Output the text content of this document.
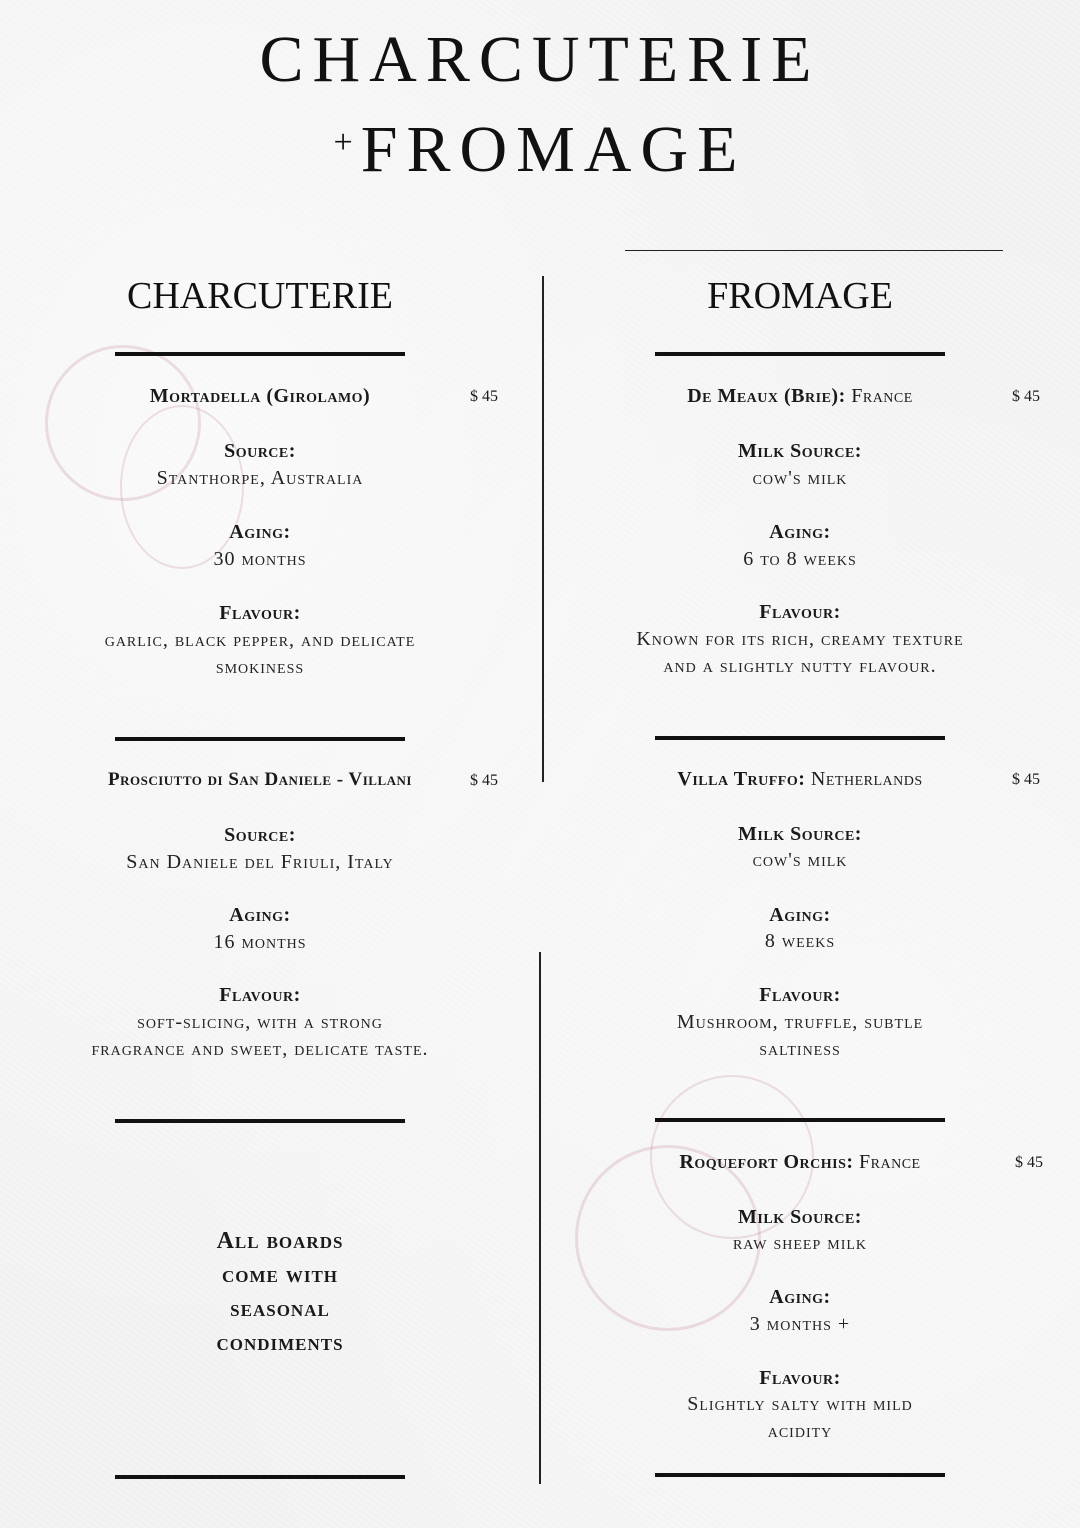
CHARCUTERIE
+ FROMAGE
CHARCUTERIE
Mortadella (Girolamo)	$ 45
Source:
Stanthorpe, Australia
Aging:
30 months
Flavour:
garlic, black pepper, and delicate
smokiness
Prosciutto di San Daniele - Villani	$ 45
Source:
San Daniele del Friuli, Italy
Aging:
16 months
Flavour:
soft-slicing, with a strong
fragrance and sweet, delicate taste.
All boards
come with
seasonal
condiments
FROMAGE
De Meaux (Brie): France	$ 45
Milk Source:
cow's milk
Aging:
6 to 8 weeks
Flavour:
Known for its rich, creamy texture
and a slightly nutty flavour.
Villa Truffo: Netherlands	$ 45
Milk Source:
cow's milk
Aging:
8 weeks
Flavour:
Mushroom, truffle, subtle
saltiness
Roquefort Orchis: France	$ 45
Milk Source:
raw sheep milk
Aging:
3 months +
Flavour:
Slightly salty with mild
acidity
